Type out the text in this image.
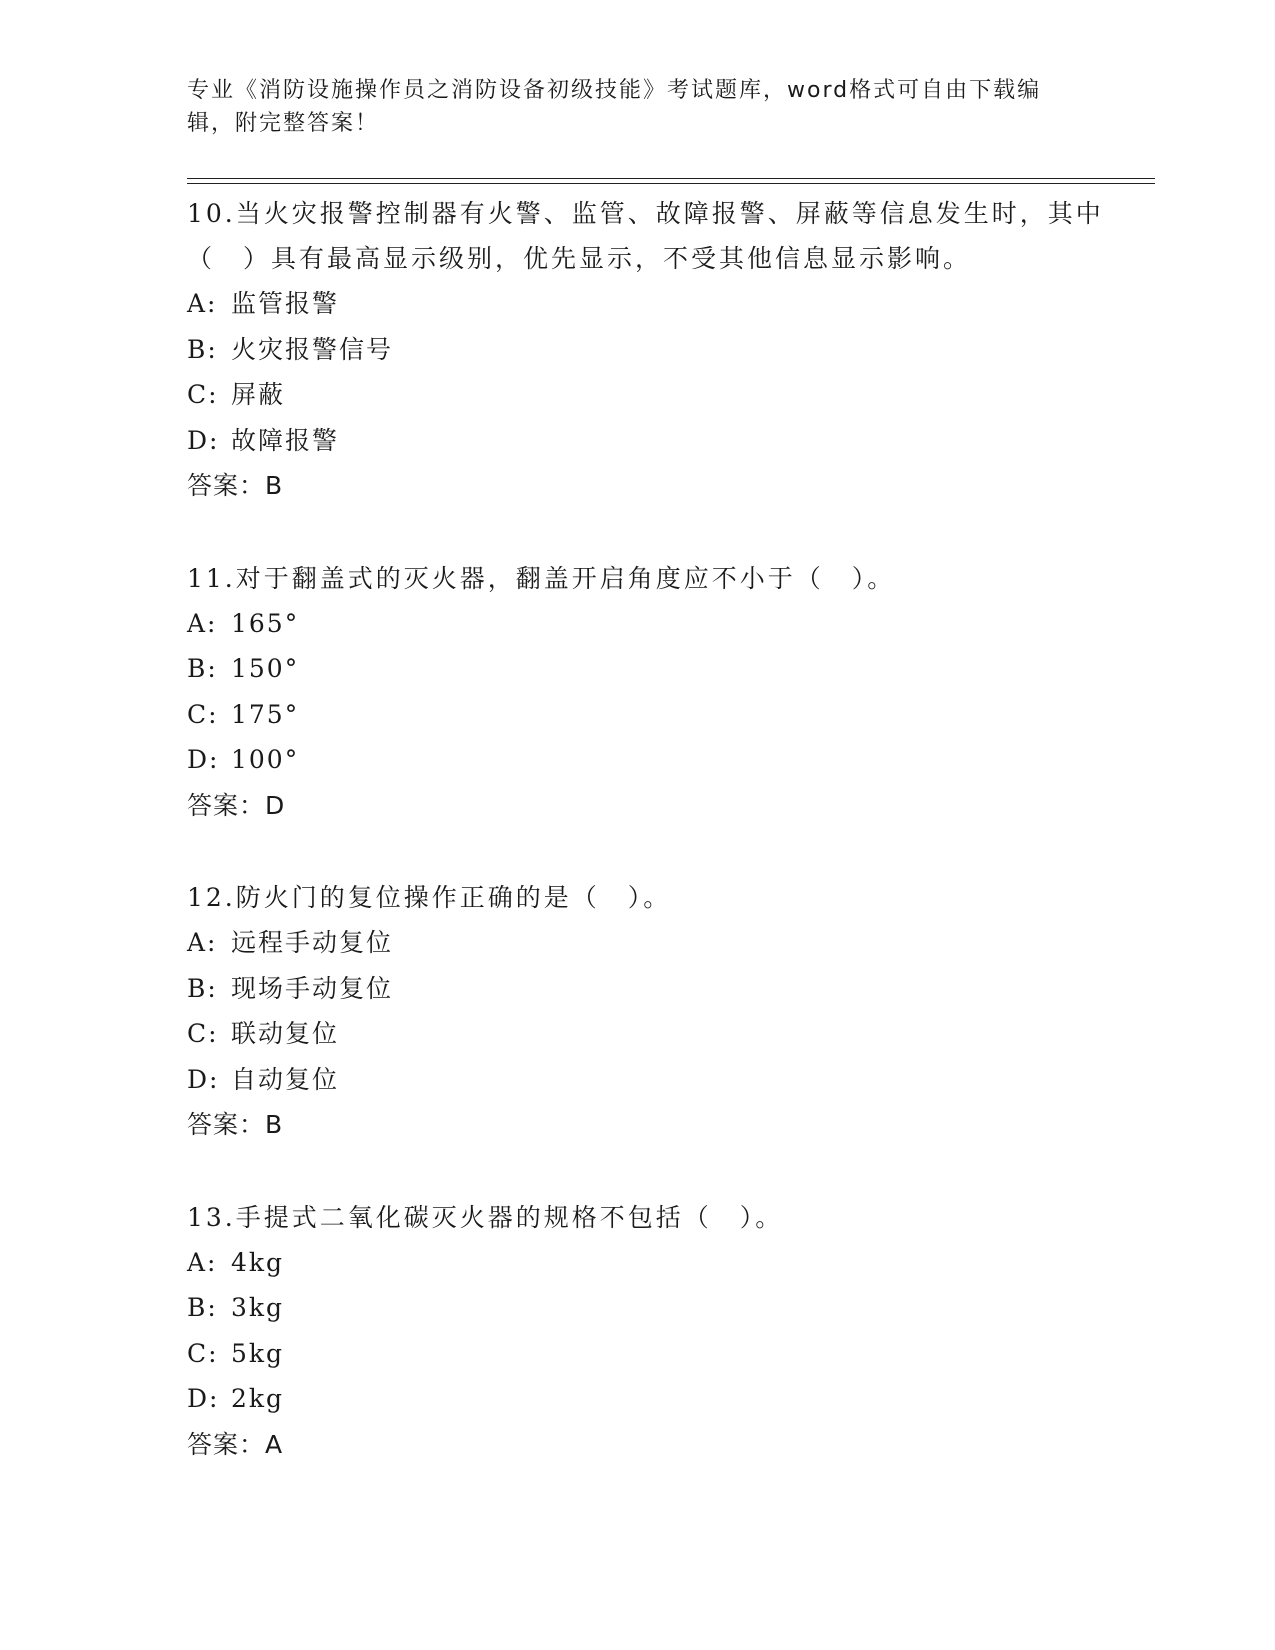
专业《消防设施操作员之消防设备初级技能》考试题库，word格式可自由下载编辑，附完整答案！

10.当火灾报警控制器有火警、监管、故障报警、屏蔽等信息发生时，其中（　）具有最高显示级别，优先显示，不受其他信息显示影响。

A: 监管报警

B: 火灾报警信号

C: 屏蔽

D: 故障报警

答案：B

11.对于翻盖式的灭火器，翻盖开启角度应不小于（　）。

A: 165°

B: 150°

C: 175°

D: 100°

答案：D

12.防火门的复位操作正确的是（　）。

A: 远程手动复位

B: 现场手动复位

C: 联动复位

D: 自动复位

答案：B

13.手提式二氧化碳灭火器的规格不包括（　）。

A: 4kg

B: 3kg

C: 5kg

D: 2kg

答案：A
